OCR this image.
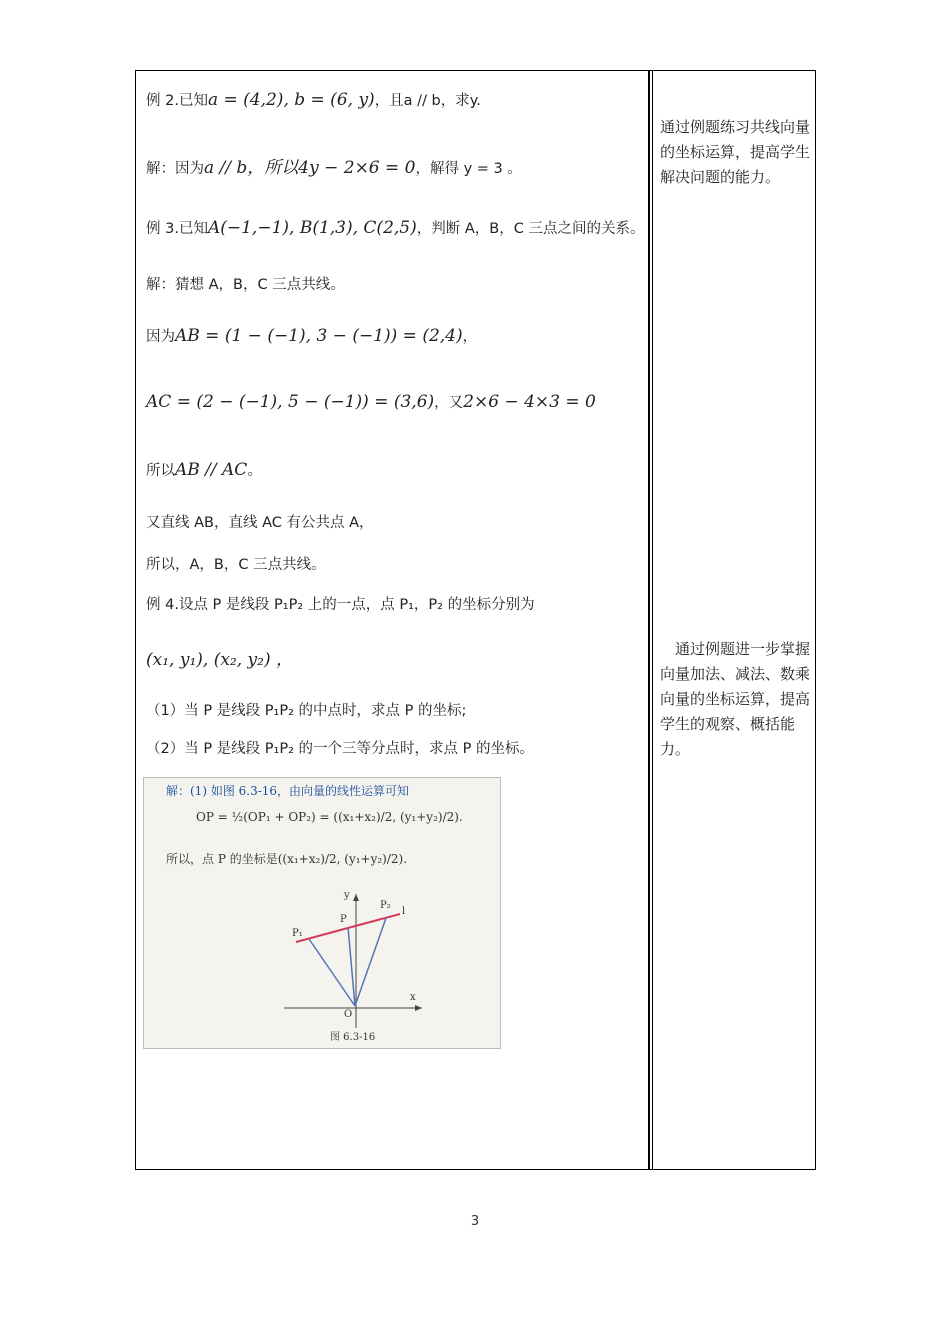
例 2.已知a = (4,2), b = (6, y)，且a // b，求y.
解：因为a // b，所以4y − 2×6 = 0，解得 y = 3 。
例 3.已知A(−1,−1), B(1,3), C(2,5)，判断 A，B，C 三点之间的关系。
解：猜想 A，B，C 三点共线。
因为AB = (1 − (−1), 3 − (−1)) = (2,4)，
AC = (2 − (−1), 5 − (−1)) = (3,6)，又2×6 − 4×3 = 0
所以AB // AC。
又直线 AB，直线 AC 有公共点 A，
所以，A，B，C 三点共线。
例 4.设点 P 是线段 P₁P₂ 上的一点，点 P₁，P₂ 的坐标分别为
(x₁, y₁), (x₂, y₂) ，
（1）当 P 是线段 P₁P₂ 的中点时，求点 P 的坐标;
（2）当 P 是线段 P₁P₂ 的一个三等分点时，求点 P 的坐标。
解：(1) 如图 6.3-16，由向量的线性运算可知
OP = ½(OP₁ + OP₂) = ((x₁+x₂)/2, (y₁+y₂)/2).
所以，点 P 的坐标是((x₁+x₂)/2, (y₁+y₂)/2).
P₁
P
P₂
l
O
x
y
图 6.3-16
通过例题练习共线向量的坐标运算，提高学生解决问题的能力。
　通过例题进一步掌握向量加法、减法、数乘向量的坐标运算，提高学生的观察、概括能力。
3
